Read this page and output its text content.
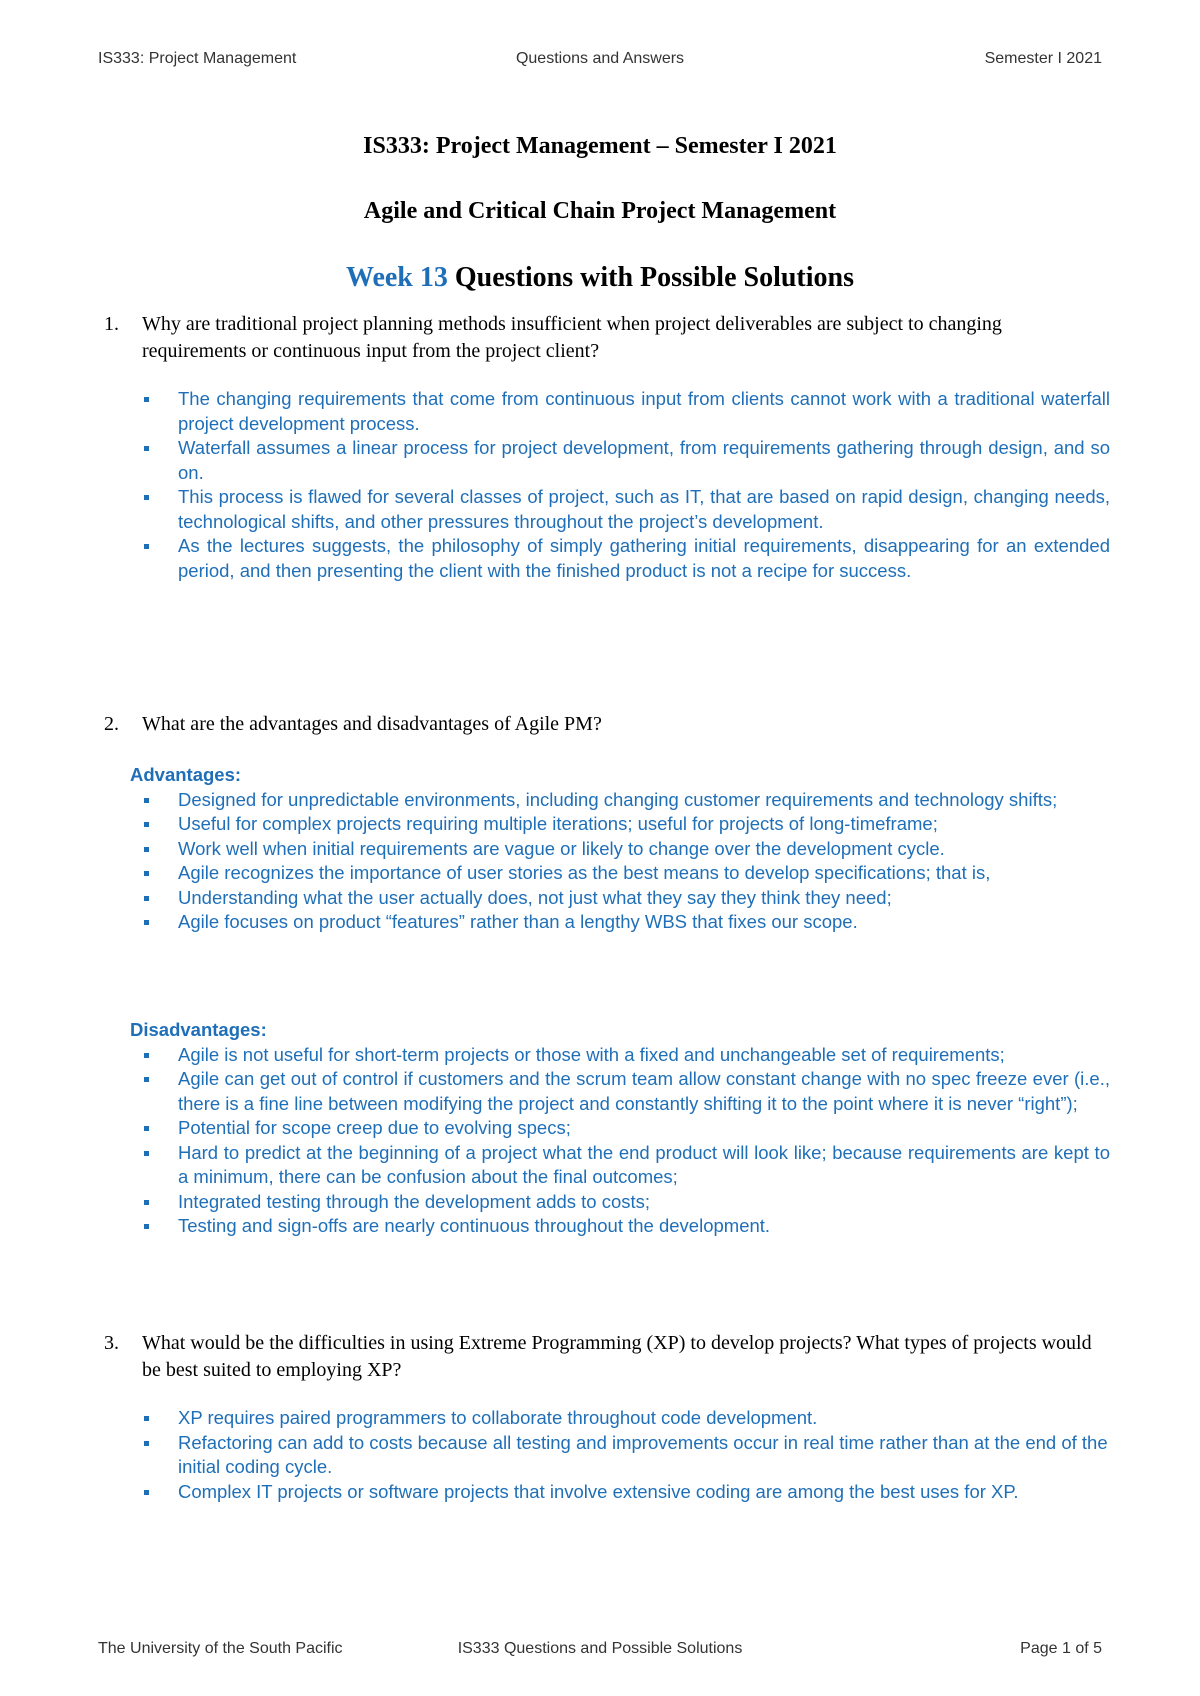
IS333: Project Management	Questions and Answers	Semester I 2021
IS333: Project Management – Semester I 2021
Agile and Critical Chain Project Management
Week 13 Questions with Possible Solutions
1. Why are traditional project planning methods insufficient when project deliverables are subject to changing requirements or continuous input from the project client?
The changing requirements that come from continuous input from clients cannot work with a traditional waterfall project development process.
Waterfall assumes a linear process for project development, from requirements gathering through design, and so on.
This process is flawed for several classes of project, such as IT, that are based on rapid design, changing needs, technological shifts, and other pressures throughout the project’s development.
As the lectures suggests, the philosophy of simply gathering initial requirements, disappearing for an extended period, and then presenting the client with the finished product is not a recipe for success.
2. What are the advantages and disadvantages of Agile PM?
Advantages:
Designed for unpredictable environments, including changing customer requirements and technology shifts;
Useful for complex projects requiring multiple iterations; useful for projects of long-timeframe;
Work well when initial requirements are vague or likely to change over the development cycle.
Agile recognizes the importance of user stories as the best means to develop specifications; that is,
Understanding what the user actually does, not just what they say they think they need;
Agile focuses on product “features” rather than a lengthy WBS that fixes our scope.
Disadvantages:
Agile is not useful for short-term projects or those with a fixed and unchangeable set of requirements;
Agile can get out of control if customers and the scrum team allow constant change with no spec freeze ever (i.e., there is a fine line between modifying the project and constantly shifting it to the point where it is never “right”);
Potential for scope creep due to evolving specs;
Hard to predict at the beginning of a project what the end product will look like; because requirements are kept to a minimum, there can be confusion about the final outcomes;
Integrated testing through the development adds to costs;
Testing and sign-offs are nearly continuous throughout the development.
3. What would be the difficulties in using Extreme Programming (XP) to develop projects? What types of projects would be best suited to employing XP?
XP requires paired programmers to collaborate throughout code development.
Refactoring can add to costs because all testing and improvements occur in real time rather than at the end of the initial coding cycle.
Complex IT projects or software projects that involve extensive coding are among the best uses for XP.
The University of the South Pacific	IS333 Questions and Possible Solutions	Page 1 of 5
